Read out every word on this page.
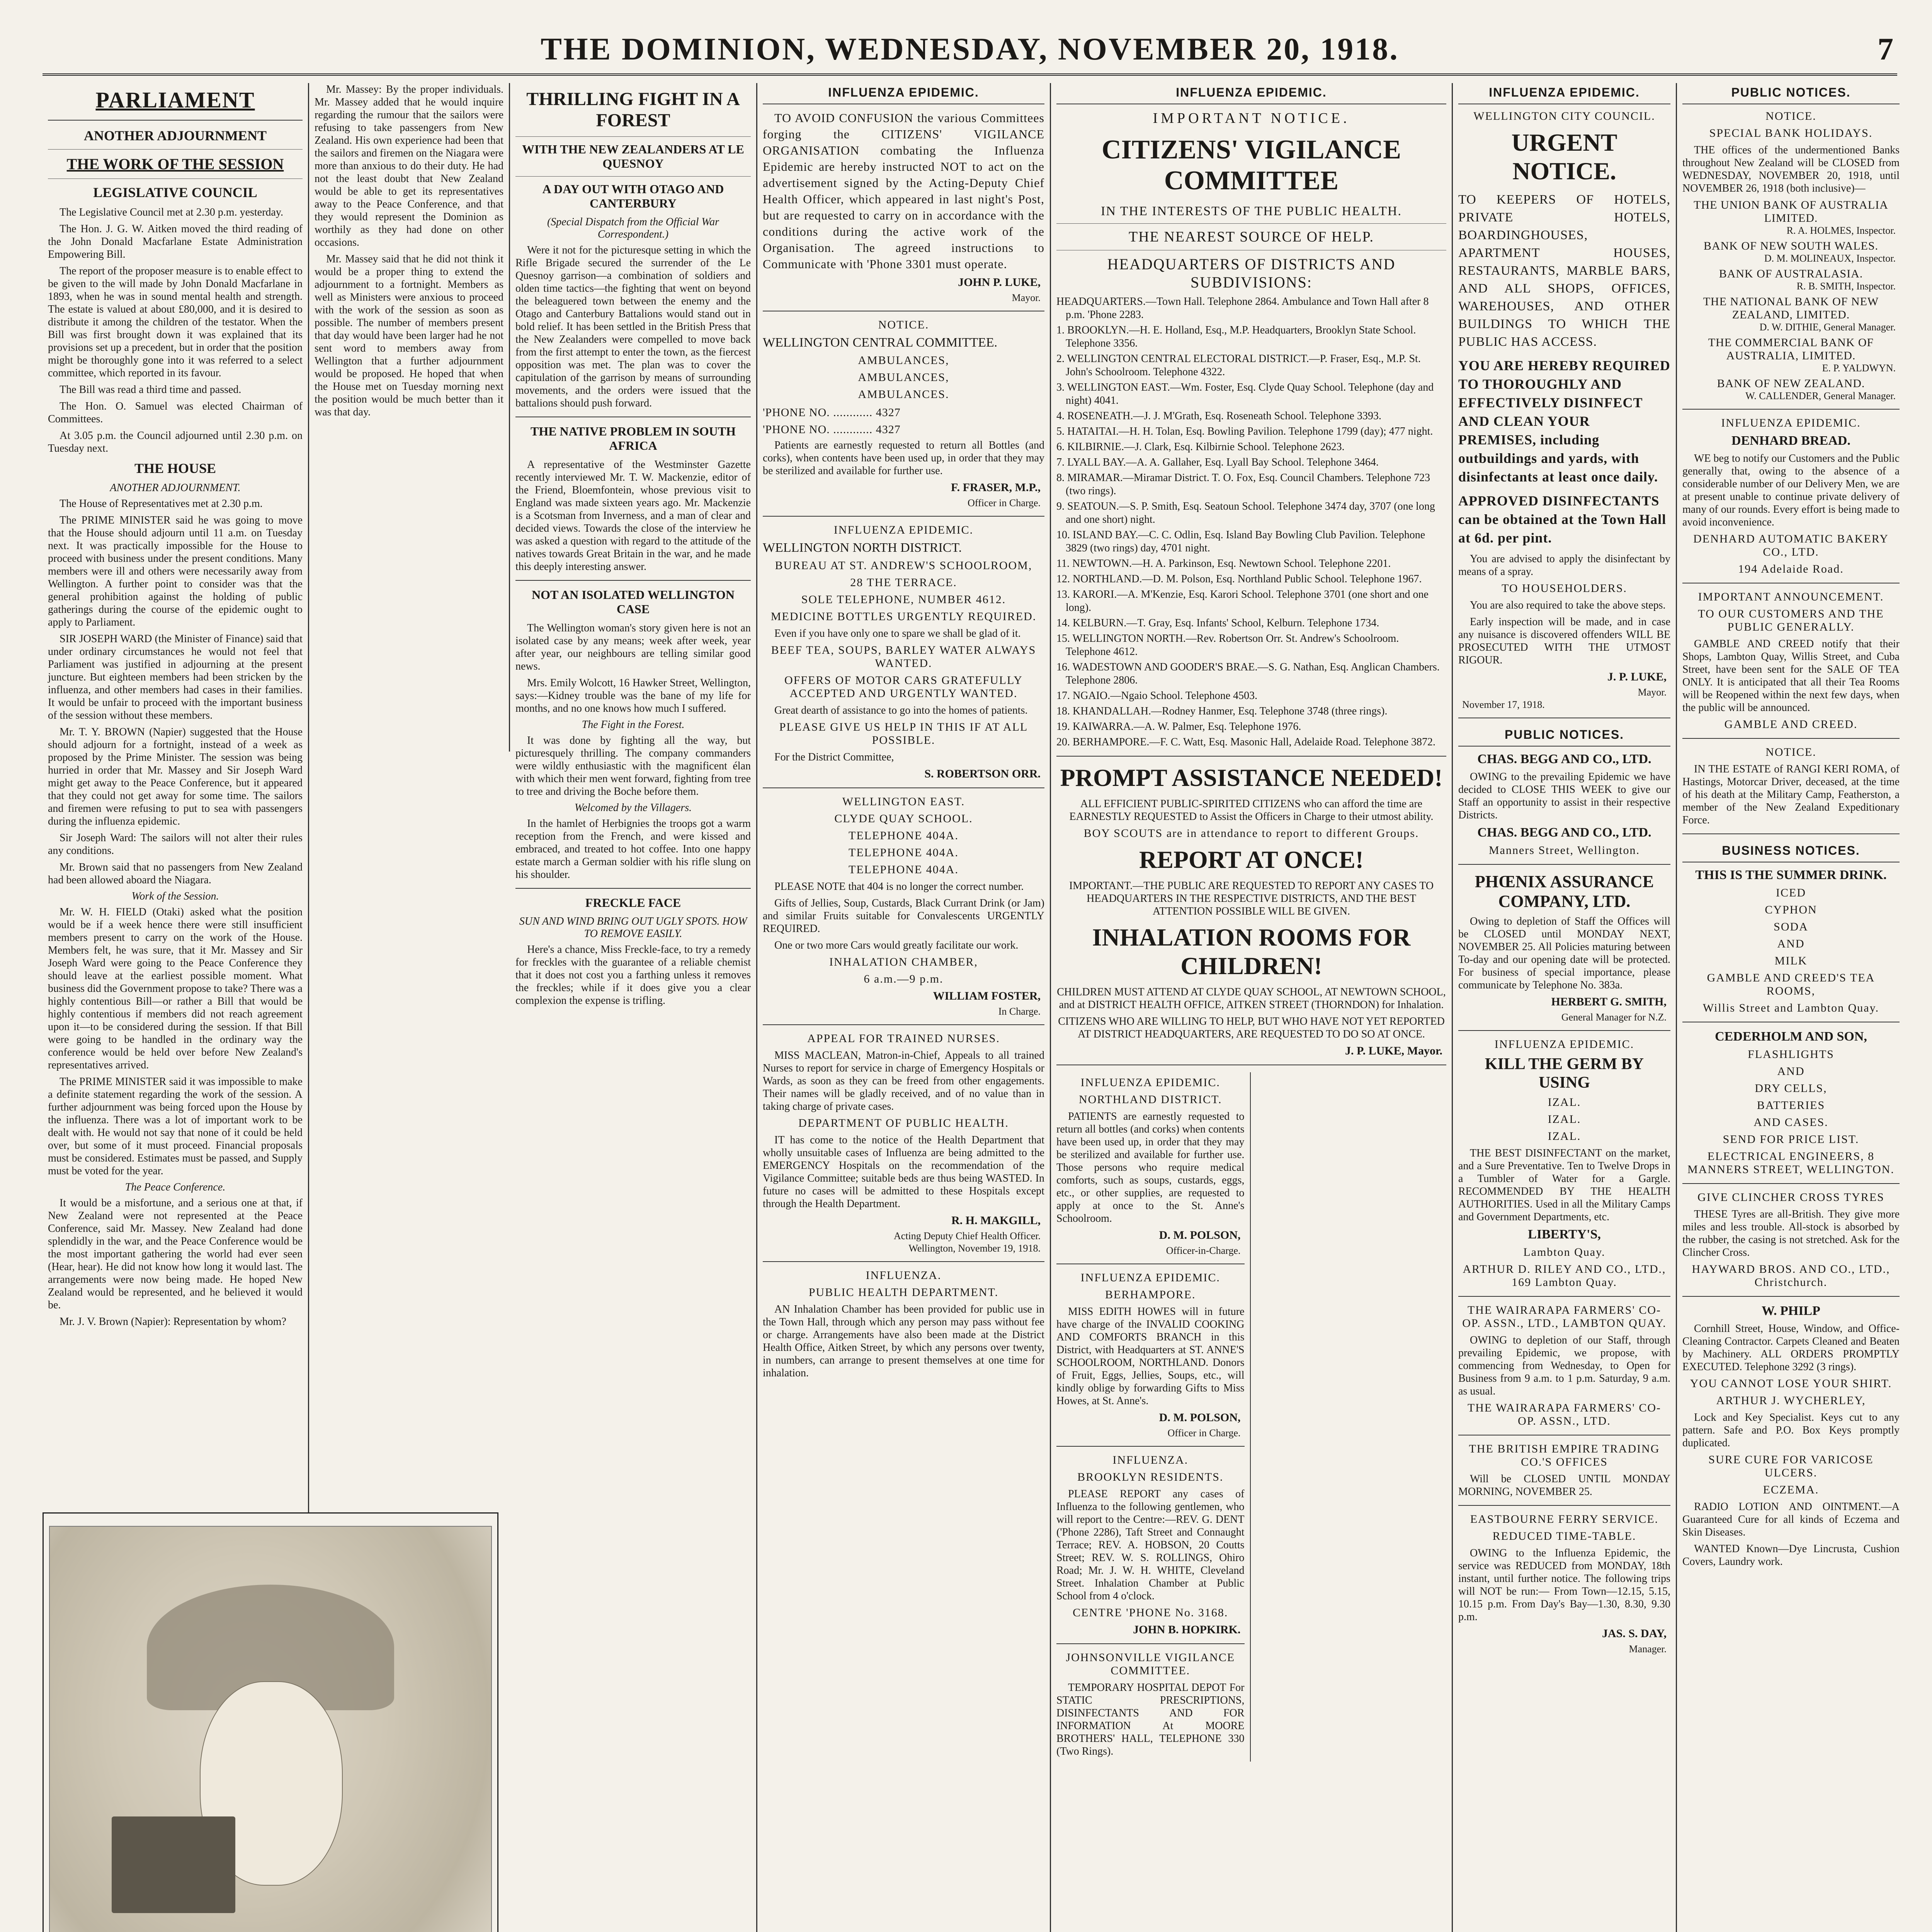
THE DOMINION, WEDNESDAY, NOVEMBER 20, 1918.	7
PARLIAMENT
ANOTHER ADJOURNMENT
THE WORK OF THE SESSION
LEGISLATIVE COUNCIL

The Legislative Council met at 2.30 p.m. yesterday.

The Hon. J. G. W. Aitken moved the third reading of the John Donald Macfarlane Estate Administration Empowering Bill.

The report of the proposer measure is to enable effect to be given to the will made by John Donald Macfarlane in 1893, when he was in sound mental health and strength. The estate is valued at about £80,000, and it is desired to distribute it among the children of the testator. When the Bill was first brought down it was explained that its provisions set up a precedent, but in order that the position might be thoroughly gone into it was referred to a select committee, which reported in its favour.

The Bill was read a third time and passed.

The Hon. O. Samuel was elected Chairman of Committees.

At 3.05 p.m. the Council adjourned until 2.30 p.m. on Tuesday next.

THE HOUSE
ANOTHER ADJOURNMENT.

The House of Representatives met at 2.30 p.m.

The PRIME MINISTER said he was going to move that the House should adjourn until 11 a.m. on Tuesday next. It was practically impossible for the House to proceed with business under the present conditions. Many members were ill and others were necessarily away from Wellington. A further point to consider was that the general prohibition against the holding of public gatherings during the course of the epidemic ought to apply to Parliament.

SIR JOSEPH WARD (the Minister of Finance) said that under ordinary circumstances he would not feel that Parliament was justified in adjourning at the present juncture. But eighteen members had been stricken by the influenza, and other members had cases in their families. It would be unfair to proceed with the important business of the session without these members.

Mr. T. Y. BROWN (Napier) suggested that the House should adjourn for a fortnight, instead of a week as proposed by the Prime Minister. The session was being hurried in order that Mr. Massey and Sir Joseph Ward might get away to the Peace Conference, but it appeared that they could not get away for some time. The sailors and firemen were refusing to put to sea with passengers during the influenza epidemic.

Sir Joseph Ward: The sailors will not alter their rules any conditions.

Mr. Brown said that no passengers from New Zealand had been allowed aboard the Niagara.

Work of the Session.

Mr. W. H. FIELD (Otaki) asked what the position would be if a week hence there were still insufficient members present to carry on the work of the House. Members felt, he was sure, that it Mr. Massey and Sir Joseph Ward were going to the Peace Conference they should leave at the earliest possible moment. What business did the Government propose to take? There was a highly contentious Bill—or rather a Bill that would be highly contentious if members did not reach agreement upon it—to be considered during the session. If that Bill were going to be handled in the ordinary way the conference would be held over before New Zealand's representatives arrived.

The PRIME MINISTER said it was impossible to make a definite statement regarding the work of the session. A further adjournment was being forced upon the House by the influenza. There was a lot of important work to be dealt with. He would not say that none of it could be held over, but some of it must proceed. Financial proposals must be considered. Estimates must be passed, and Supply must be voted for the year.

The Peace Conference.

It would be a misfortune, and a serious one at that, if New Zealand were not represented at the Peace Conference, said Mr. Massey. New Zealand had done splendidly in the war, and the Peace Conference would be the most important gathering the world had ever seen (Hear, hear). He did not know how long it would last. The arrangements were now being made. He hoped New Zealand would be represented, and he believed it would be.

Mr. J. V. Brown (Napier): Representation by whom?

Mr. Massey: By the proper individuals. Mr. Massey added that he would inquire regarding the rumour that the sailors were refusing to take passengers from New Zealand. His own experience had been that the sailors and firemen on the Niagara were more than anxious to do their duty. He had not the least doubt that New Zealand would be able to get its representatives away to the Peace Conference, and that they would represent the Dominion as worthily as they had done on other occasions.

Mr. Massey said that he did not think it would be a proper thing to extend the adjournment to a fortnight. Members as well as Ministers were anxious to proceed with the work of the session as soon as possible. The number of members present that day would have been larger had he not sent word to members away from Wellington that a further adjournment would be proposed. He hoped that when the House met on Tuesday morning next the position would be much better than it was that day.

THRILLING FIGHT IN A FOREST
WITH THE NEW ZEALANDERS AT LE QUESNOY
A DAY OUT WITH OTAGO AND CANTERBURY
(Special Dispatch from the Official War Correspondent.)

Were it not for the picturesque setting in which the Rifle Brigade secured the surrender of the Le Quesnoy garrison—a combination of soldiers and olden time tactics—the fighting that went on beyond the beleaguered town between the enemy and the Otago and Canterbury Battalions would stand out in bold relief. It has been settled in the British Press that the New Zealanders were compelled to move back from the first attempt to enter the town, as the fiercest opposition was met. The plan was to cover the capitulation of the garrison by means of surrounding movements, and the orders were issued that the battalions should push forward.

THE NATIVE PROBLEM IN SOUTH AFRICA

A representative of the Westminster Gazette recently interviewed Mr. T. W. Mackenzie, editor of the Friend, Bloemfontein, whose previous visit to England was made sixteen years ago. Mr. Mackenzie is a Scotsman from Inverness, and a man of clear and decided views. Towards the close of the interview he was asked a question with regard to the attitude of the natives towards Great Britain in the war, and he made this deeply interesting answer.

NOT AN ISOLATED WELLINGTON CASE

The Wellington woman's story given here is not an isolated case by any means; week after week, year after year, our neighbours are telling similar good news.

Mrs. Emily Wolcott, 16 Hawker Street, Wellington, says:—Kidney trouble was the bane of my life for months, and no one knows how much I suffered.

The Fight in the Forest.

It was done by fighting all the way, but picturesquely thrilling. The company commanders were wildly enthusiastic with the magnificent élan with which their men went forward, fighting from tree to tree and driving the Boche before them.

Welcomed by the Villagers.

In the hamlet of Herbignies the troops got a warm reception from the French, and were kissed and embraced, and treated to hot coffee. Into one happy estate march a German soldier with his rifle slung on his shoulder.

FRECKLE FACE
SUN AND WIND BRING OUT UGLY SPOTS. HOW TO REMOVE EASILY.

Here's a chance, Miss Freckle-face, to try a remedy for freckles with the guarantee of a reliable chemist that it does not cost you a farthing unless it removes the freckles; while if it does give you a clear complexion the expense is trifling.

INFLUENZA EPIDEMIC.

TO AVOID CONFUSION the various Committees forging the CITIZENS' VIGILANCE ORGANISATION combating the Influenza Epidemic are hereby instructed NOT to act on the advertisement signed by the Acting-Deputy Chief Health Officer, which appeared in last night's Post, but are requested to carry on in accordance with the conditions during the active work of the Organisation. The agreed instructions to Communicate with 'Phone 3301 must operate.

JOHN P. LUKE,
Mayor.
NOTICE.
WELLINGTON CENTRAL COMMITTEE.
AMBULANCES,
AMBULANCES,
AMBULANCES.
'PHONE NO. ............ 4327
'PHONE NO. ............ 4327

Patients are earnestly requested to return all Bottles (and corks), when contents have been used up, in order that they may be sterilized and available for further use.

F. FRASER, M.P.,
Officer in Charge.
INFLUENZA EPIDEMIC.
WELLINGTON NORTH DISTRICT.
BUREAU AT ST. ANDREW'S SCHOOLROOM,
28 THE TERRACE.
SOLE TELEPHONE, NUMBER 4612.
MEDICINE BOTTLES URGENTLY REQUIRED.

Even if you have only one to spare we shall be glad of it.

BEEF TEA, SOUPS, BARLEY WATER ALWAYS WANTED.
OFFERS OF MOTOR CARS GRATEFULLY ACCEPTED AND URGENTLY WANTED.

Great dearth of assistance to go into the homes of patients.

PLEASE GIVE US HELP IN THIS IF AT ALL POSSIBLE.

For the District Committee,

S. ROBERTSON ORR.
WELLINGTON EAST.
CLYDE QUAY SCHOOL.
TELEPHONE 404A.
TELEPHONE 404A.
TELEPHONE 404A.

PLEASE NOTE that 404 is no longer the correct number.

Gifts of Jellies, Soup, Custards, Black Currant Drink (or Jam) and similar Fruits suitable for Convalescents URGENTLY REQUIRED.

One or two more Cars would greatly facilitate our work.

INHALATION CHAMBER,
6 a.m.—9 p.m.
WILLIAM FOSTER,
In Charge.
APPEAL FOR TRAINED NURSES.

MISS MACLEAN, Matron-in-Chief, Appeals to all trained Nurses to report for service in charge of Emergency Hospitals or Wards, as soon as they can be freed from other engagements. Their names will be gladly received, and of no value than in taking charge of private cases.

DEPARTMENT OF PUBLIC HEALTH.

IT has come to the notice of the Health Department that wholly unsuitable cases of Influenza are being admitted to the EMERGENCY Hospitals on the recommendation of the Vigilance Committee; suitable beds are thus being WASTED. In future no cases will be admitted to these Hospitals except through the Health Department.

R. H. MAKGILL,
Acting Deputy Chief Health Officer.
Wellington, November 19, 1918.
INFLUENZA.
PUBLIC HEALTH DEPARTMENT.

AN Inhalation Chamber has been provided for public use in the Town Hall, through which any person may pass without fee or charge. Arrangements have also been made at the District Health Office, Aitken Street, by which any persons over twenty, in numbers, can arrange to present themselves at one time for inhalation.

INFLUENZA EPIDEMIC.
IMPORTANT NOTICE.
CITIZENS' VIGILANCE COMMITTEE
IN THE INTERESTS OF THE PUBLIC HEALTH.
THE NEAREST SOURCE OF HELP.
HEADQUARTERS OF DISTRICTS AND SUBDIVISIONS:
HEADQUARTERS.—Town Hall. Telephone 2864. Ambulance and Town Hall after 8 p.m. 'Phone 2283.
1. BROOKLYN.—H. E. Holland, Esq., M.P. Headquarters, Brooklyn State School. Telephone 3356.
2. WELLINGTON CENTRAL ELECTORAL DISTRICT.—P. Fraser, Esq., M.P. St. John's Schoolroom. Telephone 4322.
3. WELLINGTON EAST.—Wm. Foster, Esq. Clyde Quay School. Telephone (day and night) 4041.
4. ROSENEATH.—J. J. M'Grath, Esq. Roseneath School. Telephone 3393.
5. HATAITAI.—H. H. Tolan, Esq. Bowling Pavilion. Telephone 1799 (day); 477 night.
6. KILBIRNIE.—J. Clark, Esq. Kilbirnie School. Telephone 2623.
7. LYALL BAY.—A. A. Gallaher, Esq. Lyall Bay School. Telephone 3464.
8. MIRAMAR.—Miramar District. T. O. Fox, Esq. Council Chambers. Telephone 723 (two rings).
9. SEATOUN.—S. P. Smith, Esq. Seatoun School. Telephone 3474 day, 3707 (one long and one short) night.
10. ISLAND BAY.—C. C. Odlin, Esq. Island Bay Bowling Club Pavilion. Telephone 3829 (two rings) day, 4701 night.
11. NEWTOWN.—H. A. Parkinson, Esq. Newtown School. Telephone 2201.
12. NORTHLAND.—D. M. Polson, Esq. Northland Public School. Telephone 1967.
13. KARORI.—A. M'Kenzie, Esq. Karori School. Telephone 3701 (one short and one long).
14. KELBURN.—T. Gray, Esq. Infants' School, Kelburn. Telephone 1734.
15. WELLINGTON NORTH.—Rev. Robertson Orr. St. Andrew's Schoolroom. Telephone 4612.
16. WADESTOWN AND GOODER'S BRAE.—S. G. Nathan, Esq. Anglican Chambers. Telephone 2806.
17. NGAIO.—Ngaio School. Telephone 4503.
18. KHANDALLAH.—Rodney Hanmer, Esq. Telephone 3748 (three rings).
19. KAIWARRA.—A. W. Palmer, Esq. Telephone 1976.
20. BERHAMPORE.—F. C. Watt, Esq. Masonic Hall, Adelaide Road. Telephone 3872.
PROMPT ASSISTANCE NEEDED!

ALL EFFICIENT PUBLIC-SPIRITED CITIZENS who can afford the time are EARNESTLY REQUESTED to Assist the Officers in Charge to their utmost ability.

BOY SCOUTS are in attendance to report to different Groups.
REPORT AT ONCE!

IMPORTANT.—THE PUBLIC ARE REQUESTED TO REPORT ANY CASES TO HEADQUARTERS IN THE RESPECTIVE DISTRICTS, AND THE BEST ATTENTION POSSIBLE WILL BE GIVEN.

INHALATION ROOMS FOR CHILDREN!

CHILDREN MUST ATTEND AT CLYDE QUAY SCHOOL, AT NEWTOWN SCHOOL, and at DISTRICT HEALTH OFFICE, AITKEN STREET (THORNDON) for Inhalation.

CITIZENS WHO ARE WILLING TO HELP, BUT WHO HAVE NOT YET REPORTED AT DISTRICT HEADQUARTERS, ARE REQUESTED TO DO SO AT ONCE.

J. P. LUKE, Mayor.
INFLUENZA EPIDEMIC.
NORTHLAND DISTRICT.

PATIENTS are earnestly requested to return all bottles (and corks) when contents have been used up, in order that they may be sterilized and available for further use. Those persons who require medical comforts, such as soups, custards, eggs, etc., or other supplies, are requested to apply at once to the St. Anne's Schoolroom.

D. M. POLSON,
Officer-in-Charge.
INFLUENZA EPIDEMIC.
BERHAMPORE.

MISS EDITH HOWES will in future have charge of the INVALID COOKING AND COMFORTS BRANCH in this District, with Headquarters at ST. ANNE'S SCHOOLROOM, NORTHLAND. Donors of Fruit, Eggs, Jellies, Soups, etc., will kindly oblige by forwarding Gifts to Miss Howes, at St. Anne's.

D. M. POLSON,
Officer in Charge.
INFLUENZA.
BROOKLYN RESIDENTS.

PLEASE REPORT any cases of Influenza to the following gentlemen, who will report to the Centre:—REV. G. DENT ('Phone 2286), Taft Street and Connaught Terrace; REV. A. HOBSON, 20 Coutts Street; REV. W. S. ROLLINGS, Ohiro Road; Mr. J. W. H. WHITE, Cleveland Street. Inhalation Chamber at Public School from 4 o'clock.

CENTRE 'PHONE No. 3168.
JOHN B. HOPKIRK.
JOHNSONVILLE VIGILANCE COMMITTEE.

TEMPORARY HOSPITAL DEPOT For STATIC PRESCRIPTIONS, DISINFECTANTS AND FOR INFORMATION At MOORE BROTHERS' HALL, TELEPHONE 330 (Two Rings).

INFLUENZA EPIDEMIC.
WELLINGTON CITY COUNCIL.
URGENT NOTICE.
TO KEEPERS OF HOTELS, PRIVATE HOTELS, BOARDINGHOUSES, APARTMENT HOUSES, RESTAURANTS, MARBLE BARS, AND ALL SHOPS, OFFICES, WAREHOUSES, AND OTHER BUILDINGS TO WHICH THE PUBLIC HAS ACCESS.
YOU ARE HEREBY REQUIRED TO THOROUGHLY AND EFFECTIVELY DISINFECT AND CLEAN YOUR PREMISES, including outbuildings and yards, with disinfectants at least once daily.
APPROVED DISINFECTANTS can be obtained at the Town Hall at 6d. per pint.

You are advised to apply the disinfectant by means of a spray.

TO HOUSEHOLDERS.

You are also required to take the above steps.

Early inspection will be made, and in case any nuisance is discovered offenders WILL BE PROSECUTED WITH THE UTMOST RIGOUR.

J. P. LUKE,
Mayor.
November 17, 1918.
PUBLIC NOTICES.
CHAS. BEGG AND CO., LTD.

OWING to the prevailing Epidemic we have decided to CLOSE THIS WEEK to give our Staff an opportunity to assist in their respective Districts.

CHAS. BEGG AND CO., LTD.
Manners Street, Wellington.
PHŒNIX ASSURANCE COMPANY, LTD.

Owing to depletion of Staff the Offices will be CLOSED until MONDAY NEXT, NOVEMBER 25. All Policies maturing between To-day and our opening date will be protected. For business of special importance, please communicate by Telephone No. 383a.

HERBERT G. SMITH,
General Manager for N.Z.
INFLUENZA EPIDEMIC.
KILL THE GERM BY USING
IZAL.
IZAL.
IZAL.

THE BEST DISINFECTANT on the market, and a Sure Preventative. Ten to Twelve Drops in a Tumbler of Water for a Gargle. RECOMMENDED BY THE HEALTH AUTHORITIES. Used in all the Military Camps and Government Departments, etc.

LIBERTY'S,
Lambton Quay.
ARTHUR D. RILEY AND CO., LTD., 169 Lambton Quay.
THE WAIRARAPA FARMERS' CO-OP. ASSN., LTD., LAMBTON QUAY.

OWING to depletion of our Staff, through prevailing Epidemic, we propose, with commencing from Wednesday, to Open for Business from 9 a.m. to 1 p.m. Saturday, 9 a.m. as usual.

THE WAIRARAPA FARMERS' CO-OP. ASSN., LTD.
THE BRITISH EMPIRE TRADING CO.'S OFFICES

Will be CLOSED UNTIL MONDAY MORNING, NOVEMBER 25.

EASTBOURNE FERRY SERVICE.
REDUCED TIME-TABLE.

OWING to the Influenza Epidemic, the service was REDUCED from MONDAY, 18th instant, until further notice. The following trips will NOT be run:— From Town—12.15, 5.15, 10.15 p.m. From Day's Bay—1.30, 8.30, 9.30 p.m.

JAS. S. DAY,
Manager.
PUBLIC NOTICES.
NOTICE.
SPECIAL BANK HOLIDAYS.

THE offices of the undermentioned Banks throughout New Zealand will be CLOSED from WEDNESDAY, NOVEMBER 20, 1918, until NOVEMBER 26, 1918 (both inclusive)—

THE UNION BANK OF AUSTRALIA LIMITED.
R. A. HOLMES, Inspector.
BANK OF NEW SOUTH WALES.
D. M. MOLINEAUX, Inspector.
BANK OF AUSTRALASIA.
R. B. SMITH, Inspector.
THE NATIONAL BANK OF NEW ZEALAND, LIMITED.
D. W. DITHIE, General Manager.
THE COMMERCIAL BANK OF AUSTRALIA, LIMITED.
E. P. YALDWYN.
BANK OF NEW ZEALAND.
W. CALLENDER, General Manager.
INFLUENZA EPIDEMIC.
DENHARD BREAD.

WE beg to notify our Customers and the Public generally that, owing to the absence of a considerable number of our Delivery Men, we are at present unable to continue private delivery of many of our rounds. Every effort is being made to avoid inconvenience.

DENHARD AUTOMATIC BAKERY CO., LTD.
194 Adelaide Road.
IMPORTANT ANNOUNCEMENT.
TO OUR CUSTOMERS AND THE PUBLIC GENERALLY.

GAMBLE AND CREED notify that their Shops, Lambton Quay, Willis Street, and Cuba Street, have been sent for the SALE OF TEA ONLY. It is anticipated that all their Tea Rooms will be Reopened within the next few days, when the public will be announced.

GAMBLE AND CREED.
NOTICE.

IN THE ESTATE of RANGI KERI ROMA, of Hastings, Motorcar Driver, deceased, at the time of his death at the Military Camp, Featherston, a member of the New Zealand Expeditionary Force.

BUSINESS NOTICES.
THIS IS THE SUMMER DRINK.
ICED
CYPHON
SODA
AND
MILK
GAMBLE AND CREED'S TEA ROOMS,
Willis Street and Lambton Quay.
CEDERHOLM AND SON,
FLASHLIGHTS
AND
DRY CELLS,
BATTERIES
AND CASES.
SEND FOR PRICE LIST.
ELECTRICAL ENGINEERS, 8 MANNERS STREET, WELLINGTON.
GIVE CLINCHER CROSS TYRES

THESE Tyres are all-British. They give more miles and less trouble. All-stock is absorbed by the rubber, the casing is not stretched. Ask for the Clincher Cross.

HAYWARD BROS. AND CO., LTD., Christchurch.
W. PHILP

Cornhill Street, House, Window, and Office-Cleaning Contractor. Carpets Cleaned and Beaten by Machinery. ALL ORDERS PROMPTLY EXECUTED. Telephone 3292 (3 rings).

YOU CANNOT LOSE YOUR SHIRT.
ARTHUR J. WYCHERLEY,

Lock and Key Specialist. Keys cut to any pattern. Safe and P.O. Box Keys promptly duplicated.

SURE CURE FOR VARICOSE ULCERS.
ECZEMA.

RADIO LOTION AND OINTMENT.—A Guaranteed Cure for all kinds of Eczema and Skin Diseases.

WANTED Known—Dye Lincrusta, Cushion Covers, Laundry work.
